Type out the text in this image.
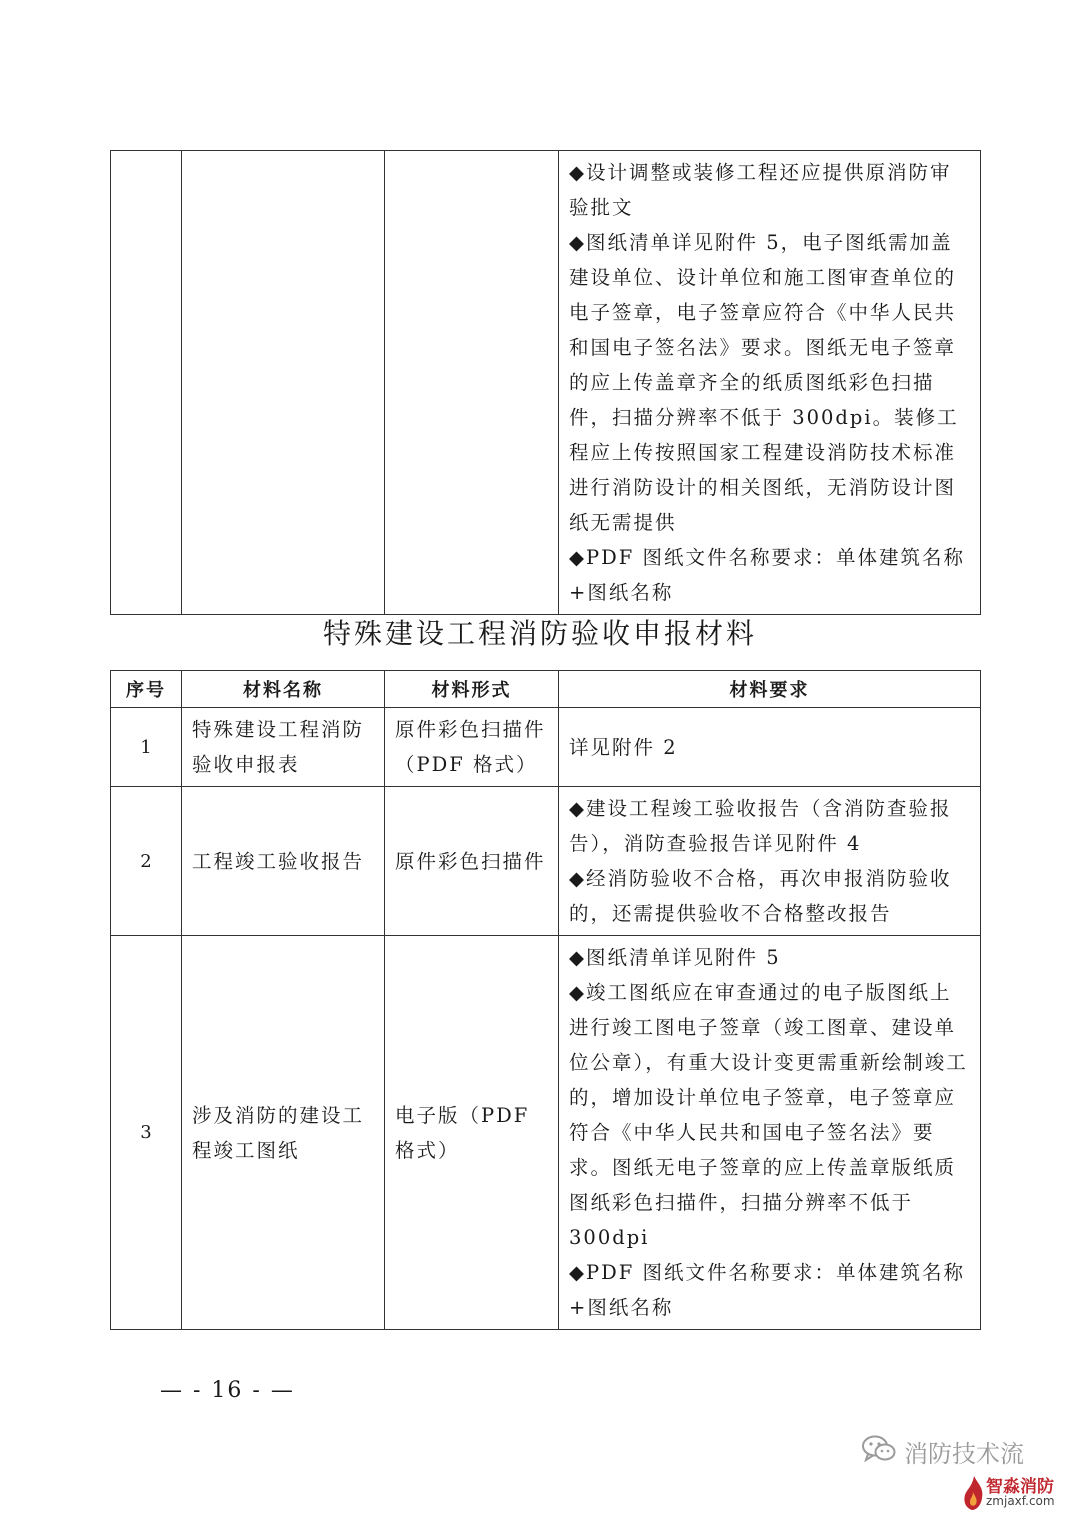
◆设计调整或装修工程还应提供原消防审验批文

◆图纸清单详见附件 5，电子图纸需加盖建设单位、设计单位和施工图审查单位的电子签章，电子签章应符合《中华人民共和国电子签名法》要求。图纸无电子签章的应上传盖章齐全的纸质图纸彩色扫描件，扫描分辨率不低于 300dpi。装修工程应上传按照国家工程建设消防技术标准进行消防设计的相关图纸，无消防设计图纸无需提供

◆PDF 图纸文件名称要求：单体建筑名称+图纸名称

特殊建设工程消防验收申报材料
序号	材料名称	材料形式	材料要求
1	特殊建设工程消防验收申报表	原件彩色扫描件（PDF 格式）	详见附件 2

2	工程竣工验收报告	原件彩色扫描件	◆建设工程竣工验收报告（含消防查验报告），消防查验报告详见附件 4

◆经消防验收不合格，再次申报消防验收的，还需提供验收不合格整改报告

3	涉及消防的建设工程竣工图纸	电子版（PDF 格式）	◆图纸清单详见附件 5

◆竣工图纸应在审查通过的电子版图纸上进行竣工图电子签章（竣工图章、建设单位公章），有重大设计变更需重新绘制竣工的，增加设计单位电子签章，电子签章应符合《中华人民共和国电子签名法》要求。图纸无电子签章的应上传盖章版纸质图纸彩色扫描件，扫描分辨率不低于 300dpi

◆PDF 图纸文件名称要求：单体建筑名称+图纸名称

— - 16 - —
消防技术流
智淼消防
zmjaxf.com
